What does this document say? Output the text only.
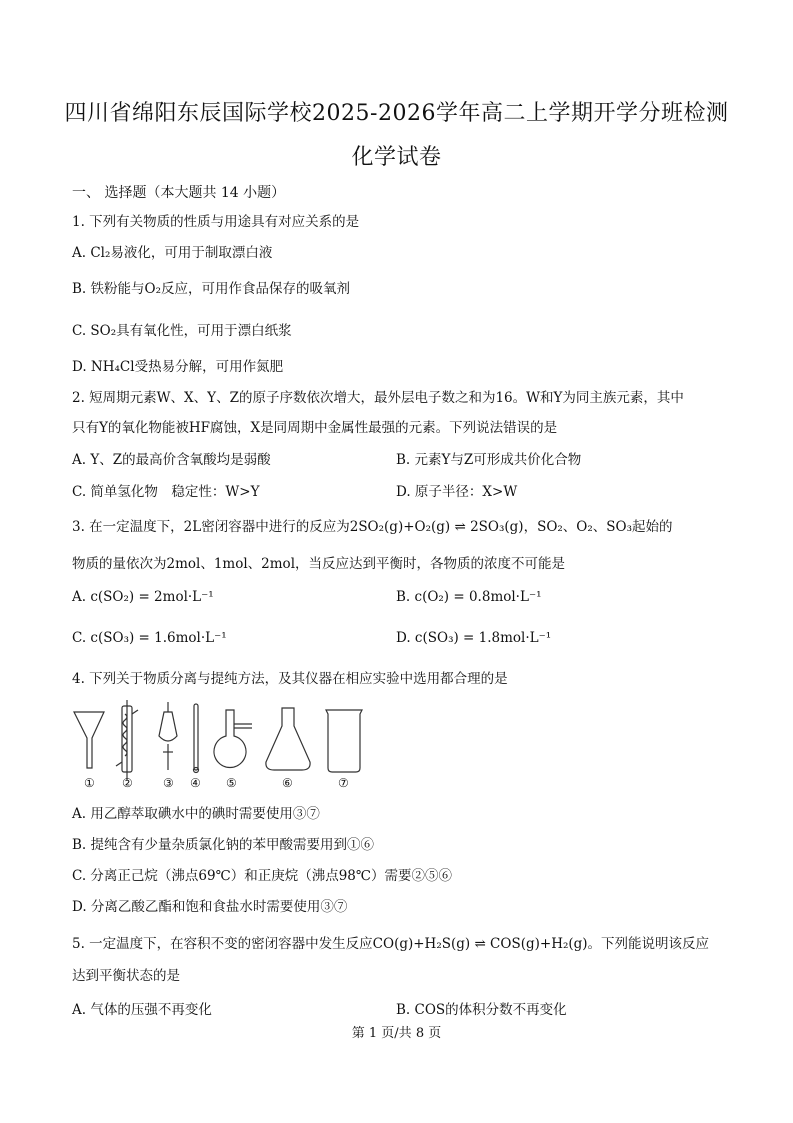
四川省绵阳东辰国际学校2025-2026学年高二上学期开学分班检测
化学试卷
一、 选择题（本大题共 14 小题）
1. 下列有关物质的性质与用途具有对应关系的是
A. Cl₂易液化，可用于制取漂白液
B. 铁粉能与O₂反应，可用作食品保存的吸氧剂
C. SO₂具有氧化性，可用于漂白纸浆
D. NH₄Cl受热易分解，可用作氮肥
2. 短周期元素W、X、Y、Z的原子序数依次增大，最外层电子数之和为16。W和Y为同主族元素，其中
只有Y的氧化物能被HF腐蚀，X是同周期中金属性最强的元素。下列说法错误的是
A. Y、Z的最高价含氧酸均是弱酸	B. 元素Y与Z可形成共价化合物
C. 简单氢化物　稳定性：W>Y	D. 原子半径：X>W
3. 在一定温度下，2L密闭容器中进行的反应为2SO₂(g)+O₂(g) ⇌ 2SO₃(g)，SO₂、O₂、SO₃起始的
物质的量依次为2mol、1mol、2mol，当反应达到平衡时，各物质的浓度不可能是
A. c(SO₂) = 2mol·L⁻¹	B. c(O₂) = 0.8mol·L⁻¹
C. c(SO₃) = 1.6mol·L⁻¹	D. c(SO₃) = 1.8mol·L⁻¹
4. 下列关于物质分离与提纯方法，及其仪器在相应实验中选用都合理的是
① ②	③ ④ ⑤	⑥	⑦
A. 用乙醇萃取碘水中的碘时需要使用③⑦
B. 提纯含有少量杂质氯化钠的苯甲酸需要用到①⑥
C. 分离正己烷（沸点69℃）和正庚烷（沸点98℃）需要②⑤⑥
D. 分离乙酸乙酯和饱和食盐水时需要使用③⑦
5. 一定温度下，在容积不变的密闭容器中发生反应CO(g)+H₂S(g) ⇌ COS(g)+H₂(g)。下列能说明该反应
达到平衡状态的是
A. 气体的压强不再变化	B. COS的体积分数不再变化
第 1 页/共 8 页
